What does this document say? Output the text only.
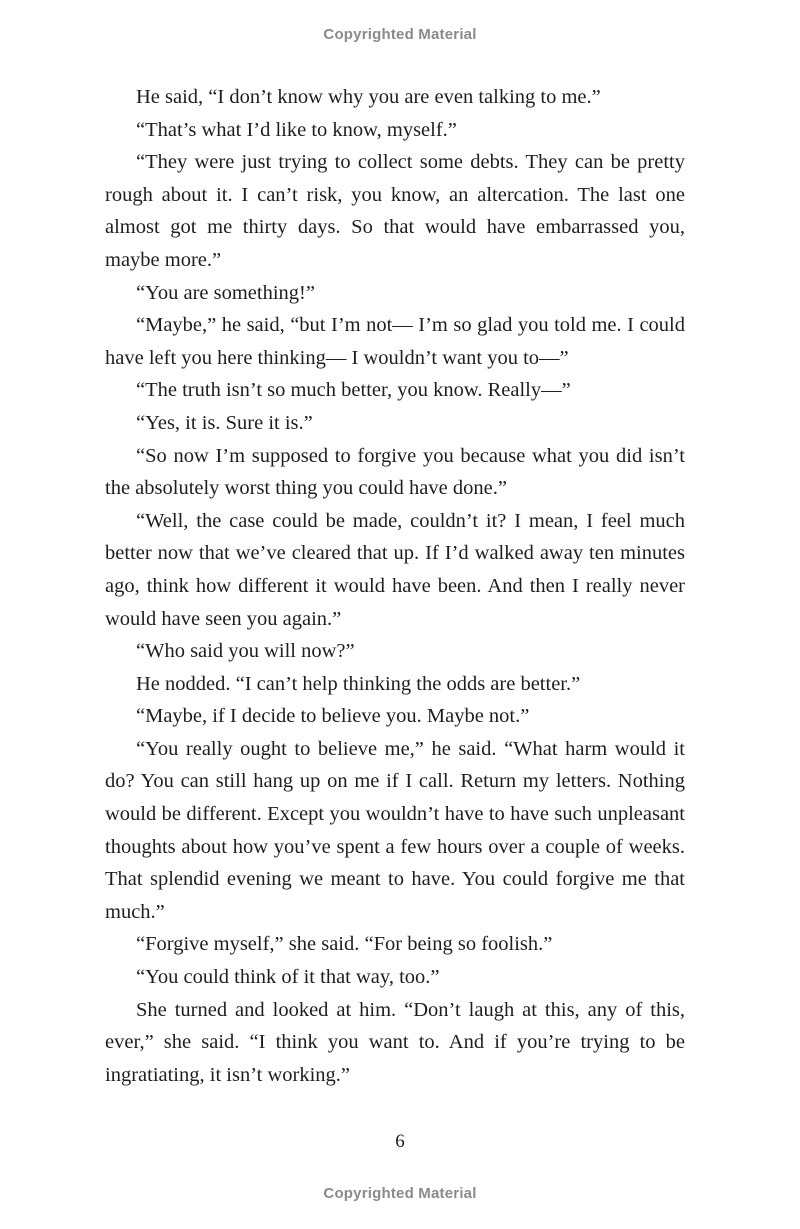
Copyrighted Material

He said, “I don’t know why you are even talking to me.”

“That’s what I’d like to know, myself.”

“They were just trying to collect some debts. They can be pretty rough about it. I can’t risk, you know, an altercation. The last one almost got me thirty days. So that would have embarrassed you, maybe more.”

“You are something!”

“Maybe,” he said, “but I’m not— I’m so glad you told me. I could have left you here thinking— I wouldn’t want you to—”

“The truth isn’t so much better, you know. Really—”

“Yes, it is. Sure it is.”

“So now I’m supposed to forgive you because what you did isn’t the absolutely worst thing you could have done.”

“Well, the case could be made, couldn’t it? I mean, I feel much better now that we’ve cleared that up. If I’d walked away ten minutes ago, think how different it would have been. And then I really never would have seen you again.”

“Who said you will now?”

He nodded. “I can’t help thinking the odds are better.”

“Maybe, if I decide to believe you. Maybe not.”

“You really ought to believe me,” he said. “What harm would it do? You can still hang up on me if I call. Return my letters. Nothing would be different. Except you wouldn’t have to have such unpleasant thoughts about how you’ve spent a few hours over a couple of weeks. That splendid evening we meant to have. You could forgive me that much.”

“Forgive myself,” she said. “For being so foolish.”

“You could think of it that way, too.”

She turned and looked at him. “Don’t laugh at this, any of this, ever,” she said. “I think you want to. And if you’re trying to be ingratiating, it isn’t working.”

6
Copyrighted Material
